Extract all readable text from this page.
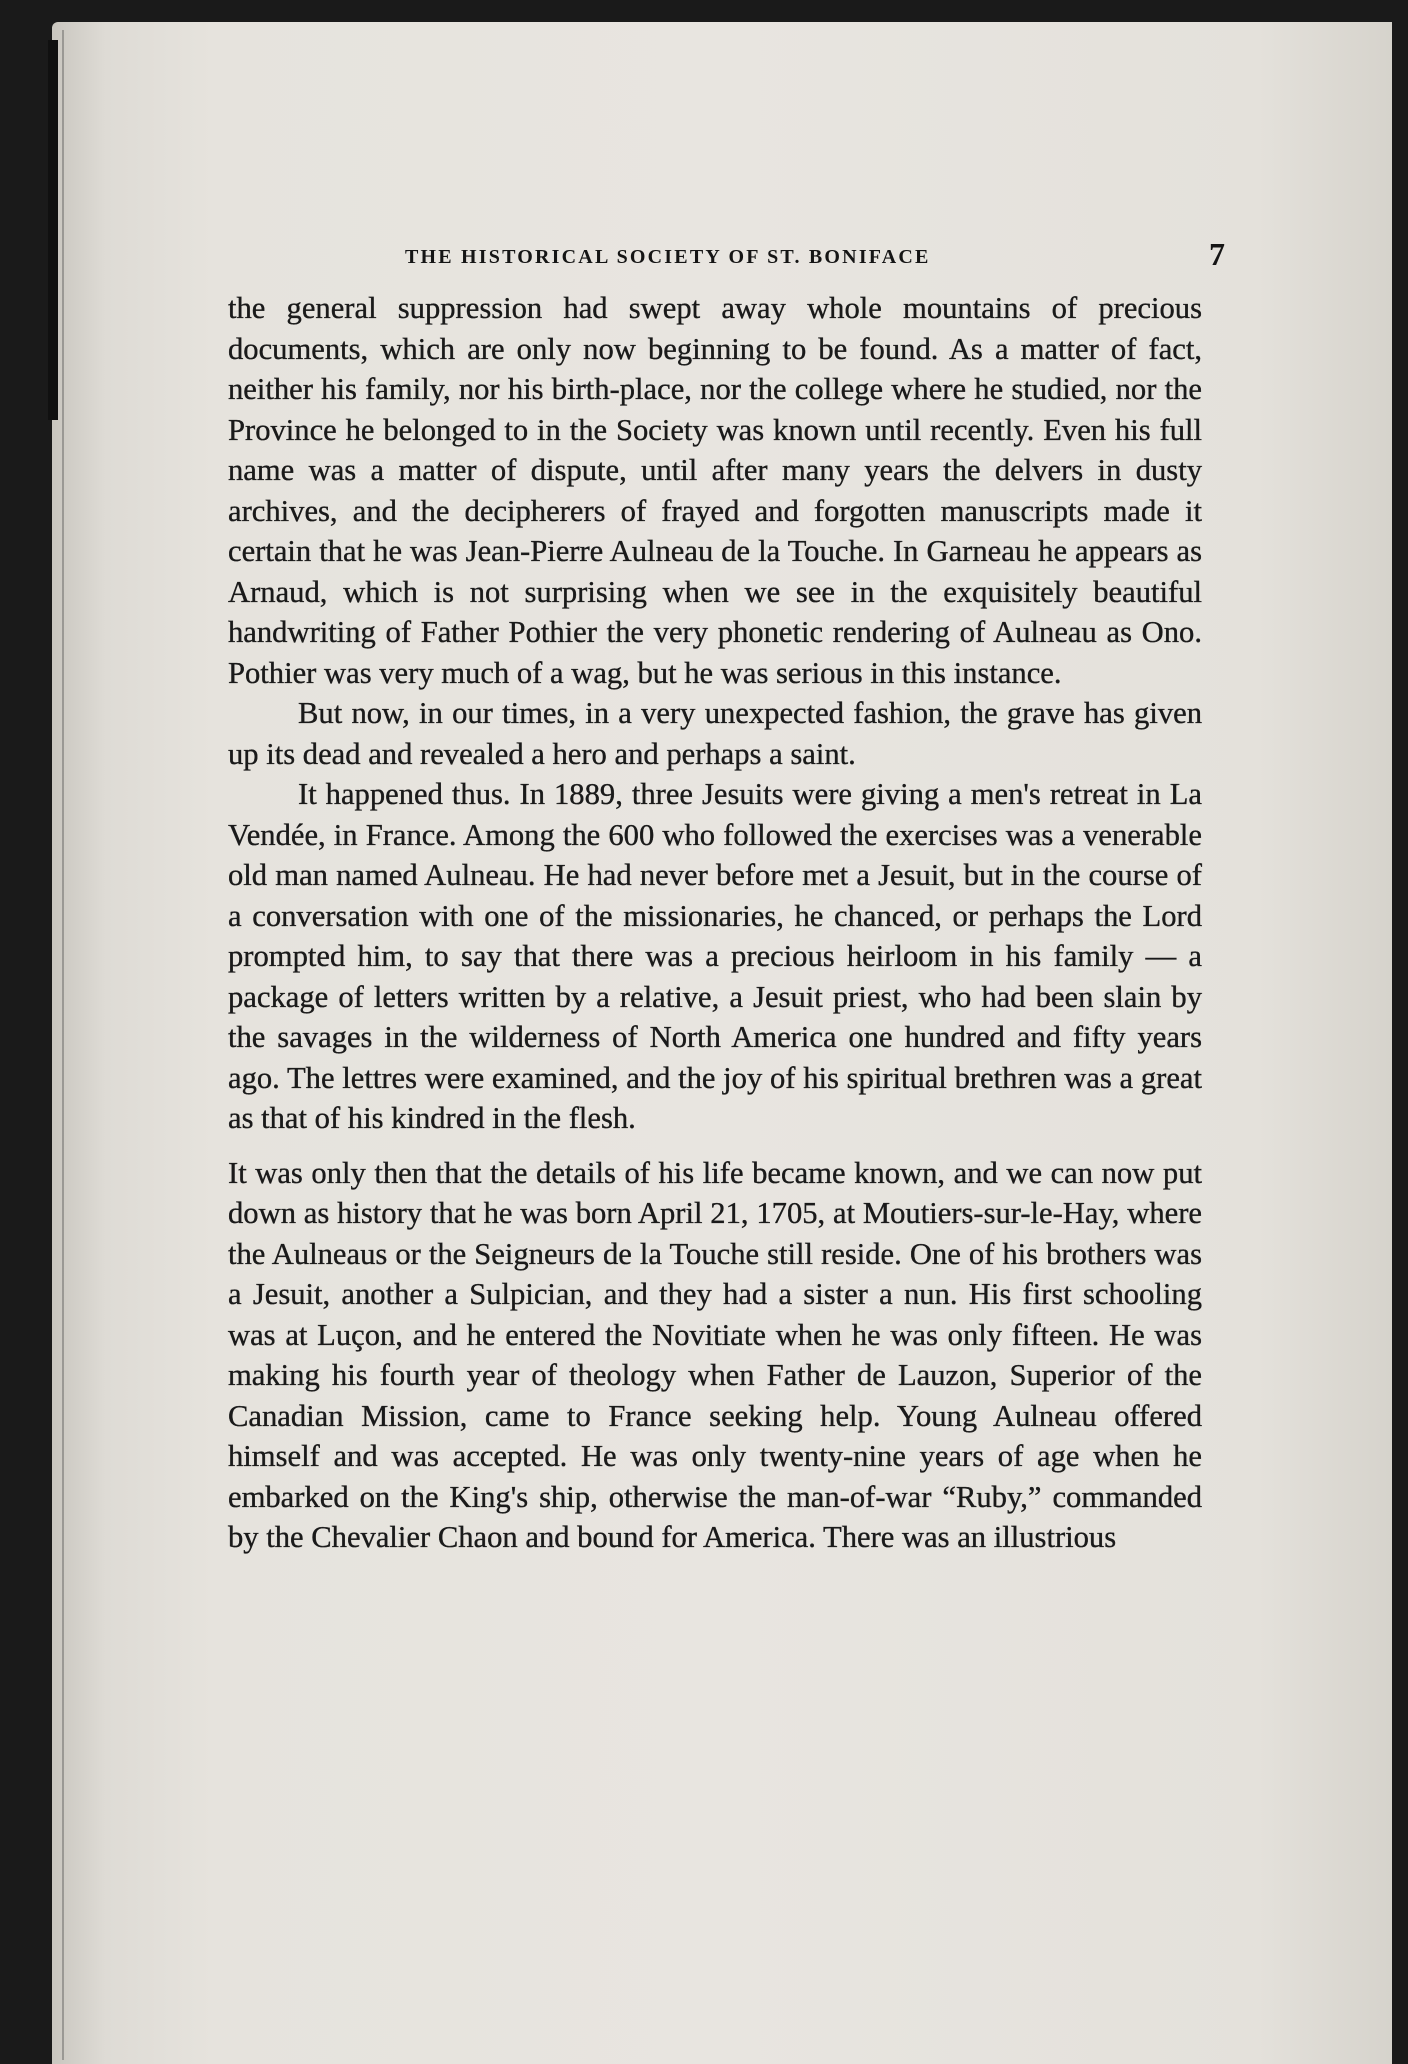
THE HISTORICAL SOCIETY OF ST. BONIFACE	7

the general suppression had swept away whole mountains of precious documents, which are only now beginning to be found. As a matter of fact, neither his family, nor his birth-place, nor the college where he studied, nor the Province he belonged to in the Society was known until recently. Even his full name was a matter of dispute, until after many years the delvers in dusty archives, and the decipherers of frayed and forgotten manuscripts made it certain that he was Jean-Pierre Aulneau de la Touche. In Garneau he appears as Arnaud, which is not surprising when we see in the exquisitely beautiful handwriting of Father Pothier the very phonetic rendering of Aulneau as Ono. Pothier was very much of a wag, but he was serious in this instance.

But now, in our times, in a very unexpected fashion, the grave has given up its dead and revealed a hero and perhaps a saint.

It happened thus. In 1889, three Jesuits were giving a men's retreat in La Vendée, in France. Among the 600 who followed the exercises was a venerable old man named Aulneau. He had never before met a Jesuit, but in the course of a conversation with one of the missionaries, he chanced, or perhaps the Lord prompted him, to say that there was a precious heirloom in his family — a package of letters written by a relative, a Jesuit priest, who had been slain by the savages in the wilderness of North America one hundred and fifty years ago. The lettres were examined, and the joy of his spiritual brethren was a great as that of his kindred in the flesh.

It was only then that the details of his life became known, and we can now put down as history that he was born April 21, 1705, at Moutiers-sur-le-Hay, where the Aulneaus or the Seigneurs de la Touche still reside. One of his brothers was a Jesuit, another a Sulpician, and they had a sister a nun. His first schooling was at Luçon, and he entered the Novitiate when he was only fifteen. He was making his fourth year of theology when Father de Lauzon, Superior of the Canadian Mission, came to France seeking help. Young Aulneau offered himself and was accepted. He was only twenty-nine years of age when he embarked on the King's ship, otherwise the man-of-war “Ruby,” commanded by the Chevalier Chaon and bound for America. There was an illustrious
